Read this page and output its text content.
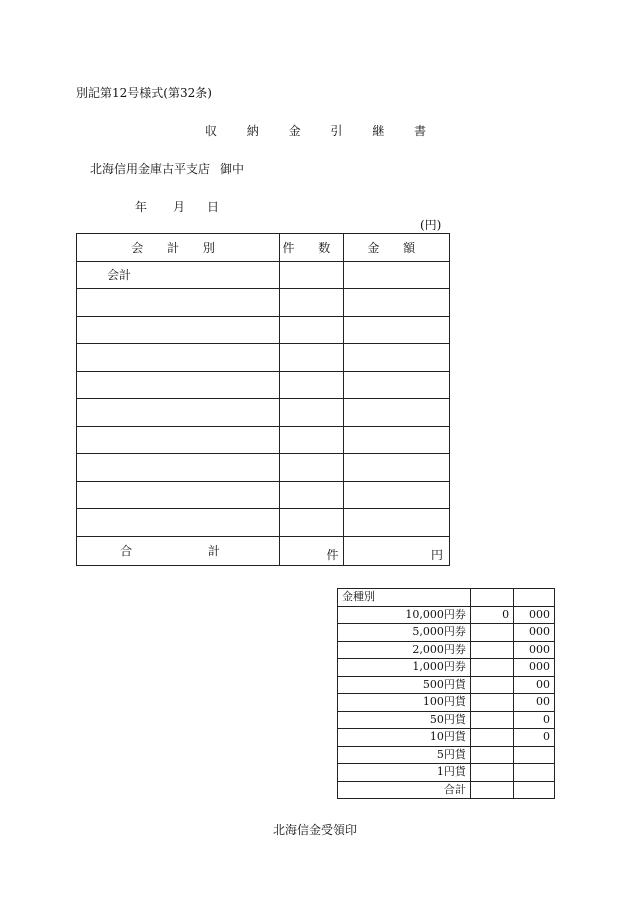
別記第12号様式(第32条)
収 納 金 引 継 書
北海信用金庫古平支店 御中
年 月 日
(円)
会 計 別	件 数	金 額
会計		

合 計	件	円
金種別		
10,000円券	0	000
5,000円券		000
2,000円券		000
1,000円券		000
500円貨		00
100円貨		00
50円貨		0
10円貨		0
5円貨		
1円貨		
合計		
北海信金受領印
